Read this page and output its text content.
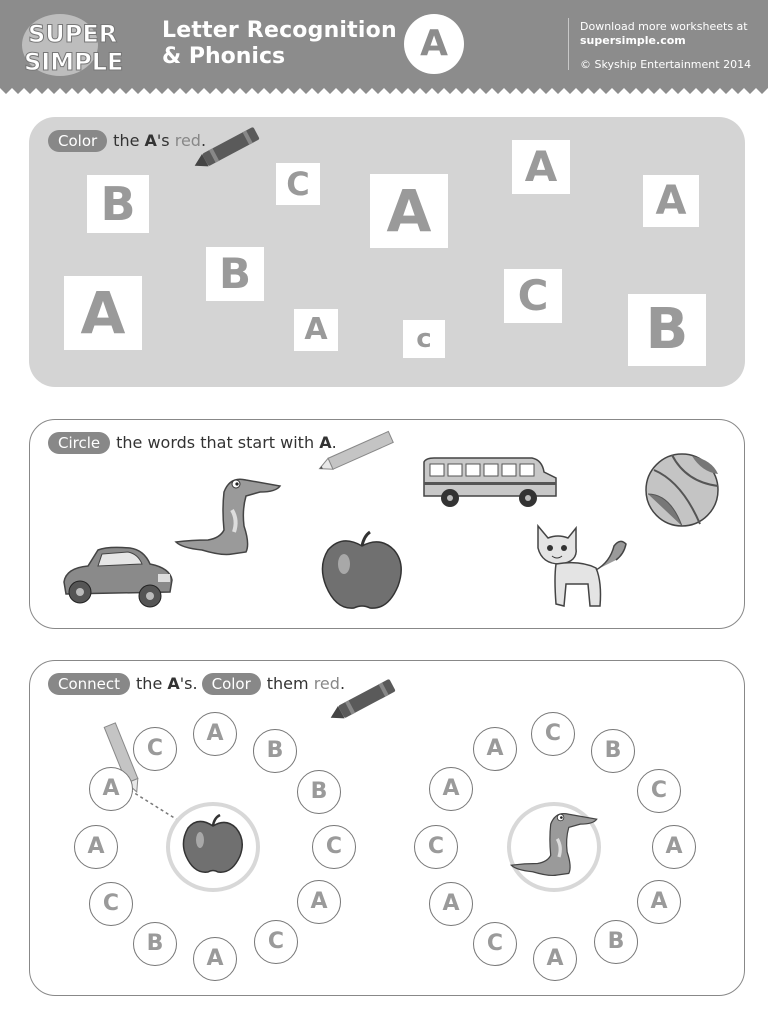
SUPER
SIMPLE
Letter Recognition
& Phonics	A	Download more worksheets at
supersimple.com
© Skyship Entertainment 2014
Color the A's red.
B	C A
A
A
B
A	C
A	c	B
Circle the words that start with A.
Connect the A's. Color them red.
C
A
B
B
C
A
C
A
B
C
A
A
C
B
C
A
A
B
A
C
A
C
A
A
